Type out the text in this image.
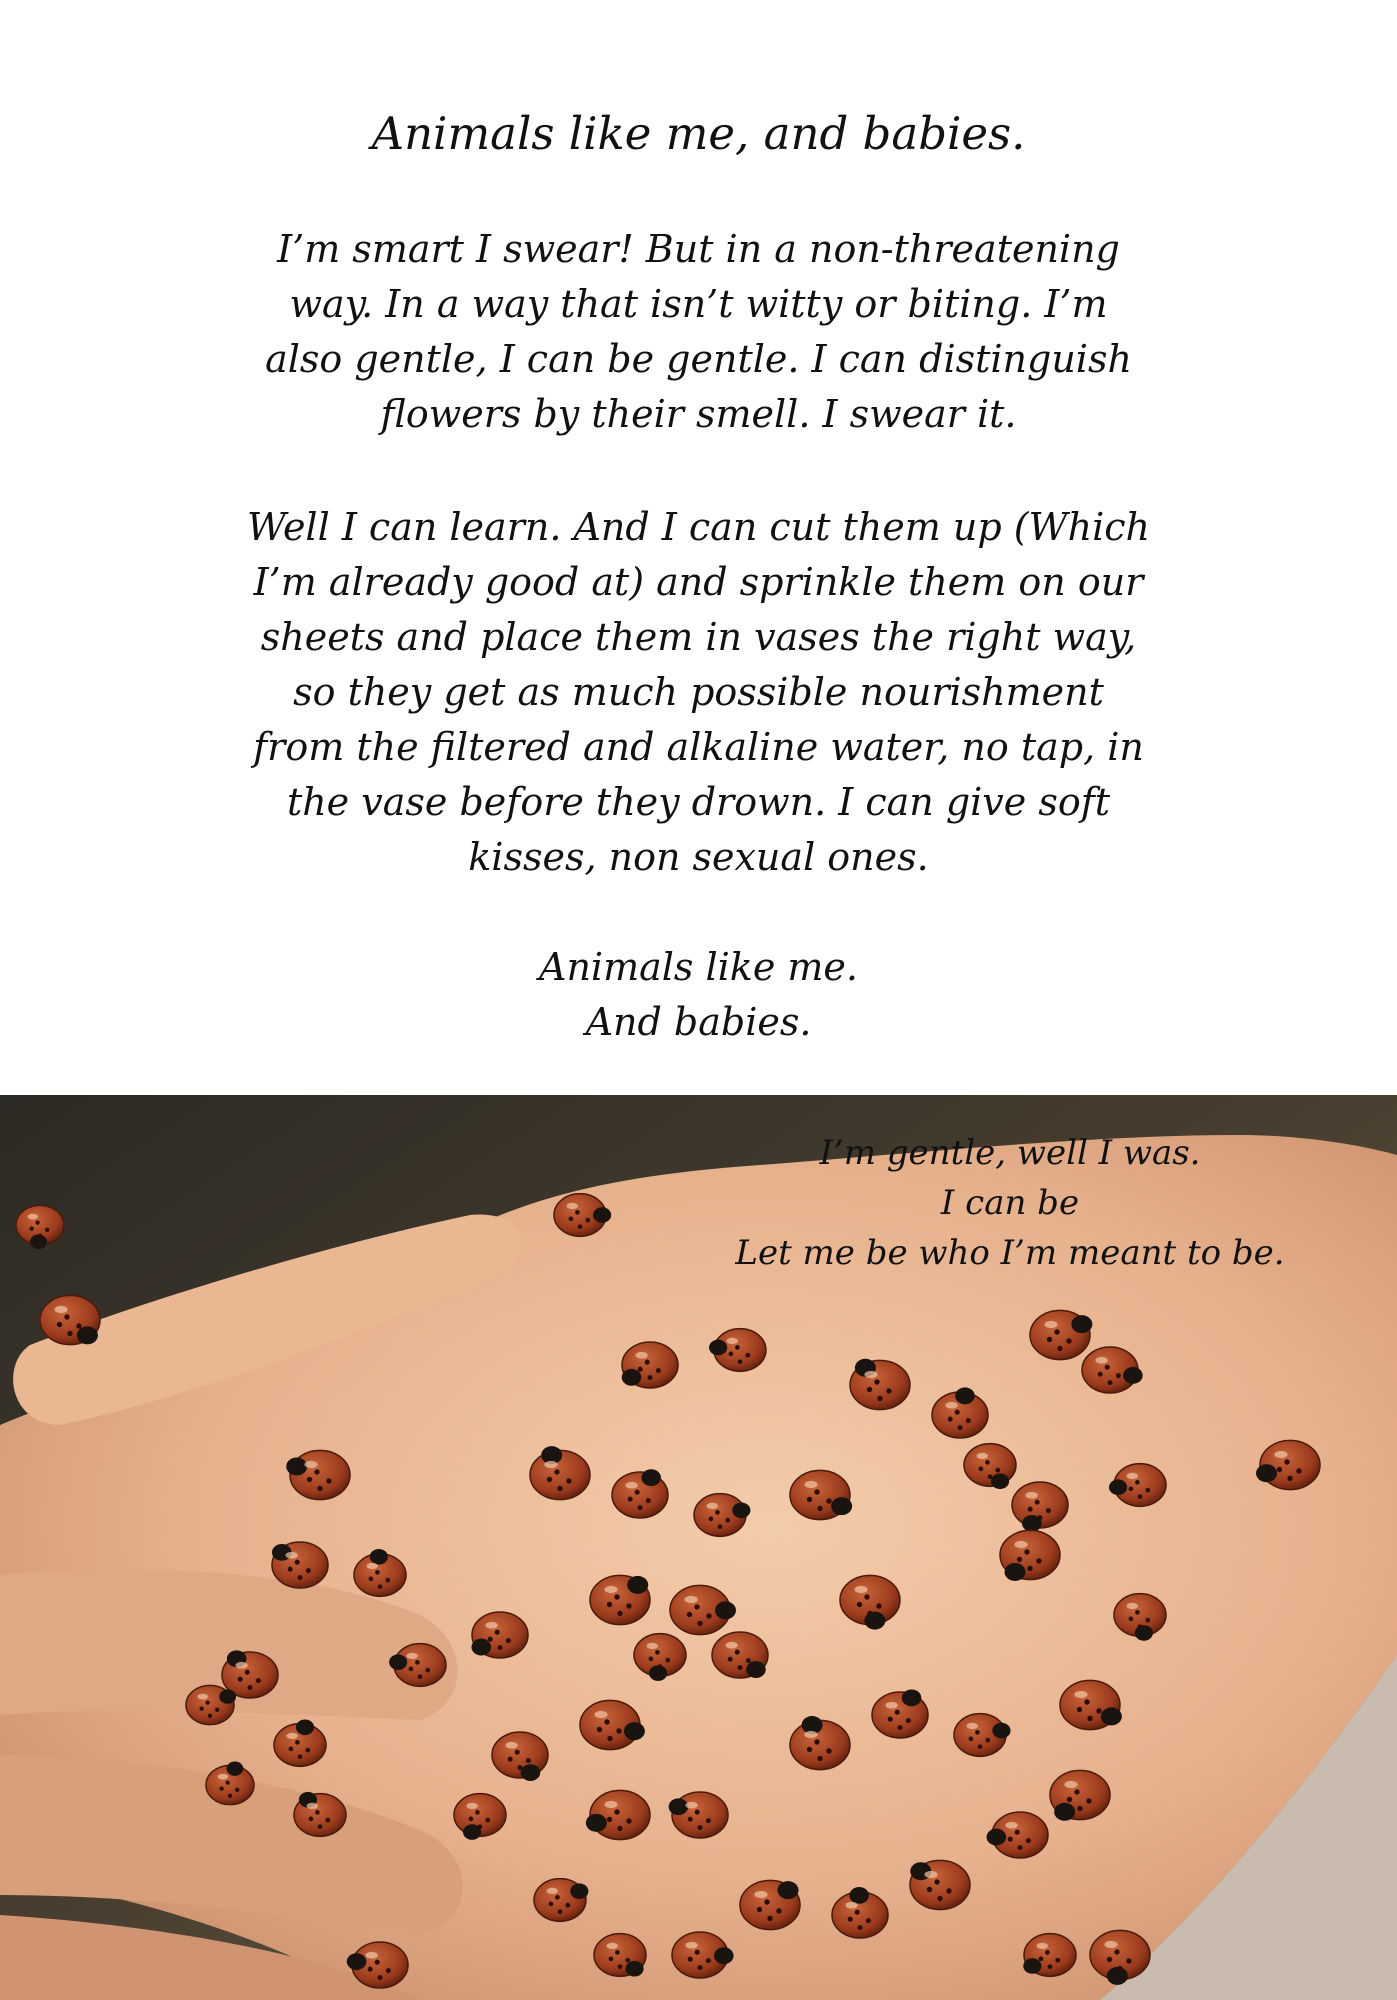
Animals like me, and babies.

I’m smart I swear! But in a non-threatening
way. In a way that isn’t witty or biting. I’m
also gentle, I can be gentle. I can distinguish
flowers by their smell. I swear it.

Well I can learn. And I can cut them up (Which
I’m already good at) and sprinkle them on our
sheets and place them in vases the right way,
so they get as much possible nourishment
from the filtered and alkaline water, no tap, in
the vase before they drown. I can give soft
kisses, non sexual ones.

Animals like me.
And babies.

I’m gentle, well I was.
I can be
Let me be who I’m meant to be.
